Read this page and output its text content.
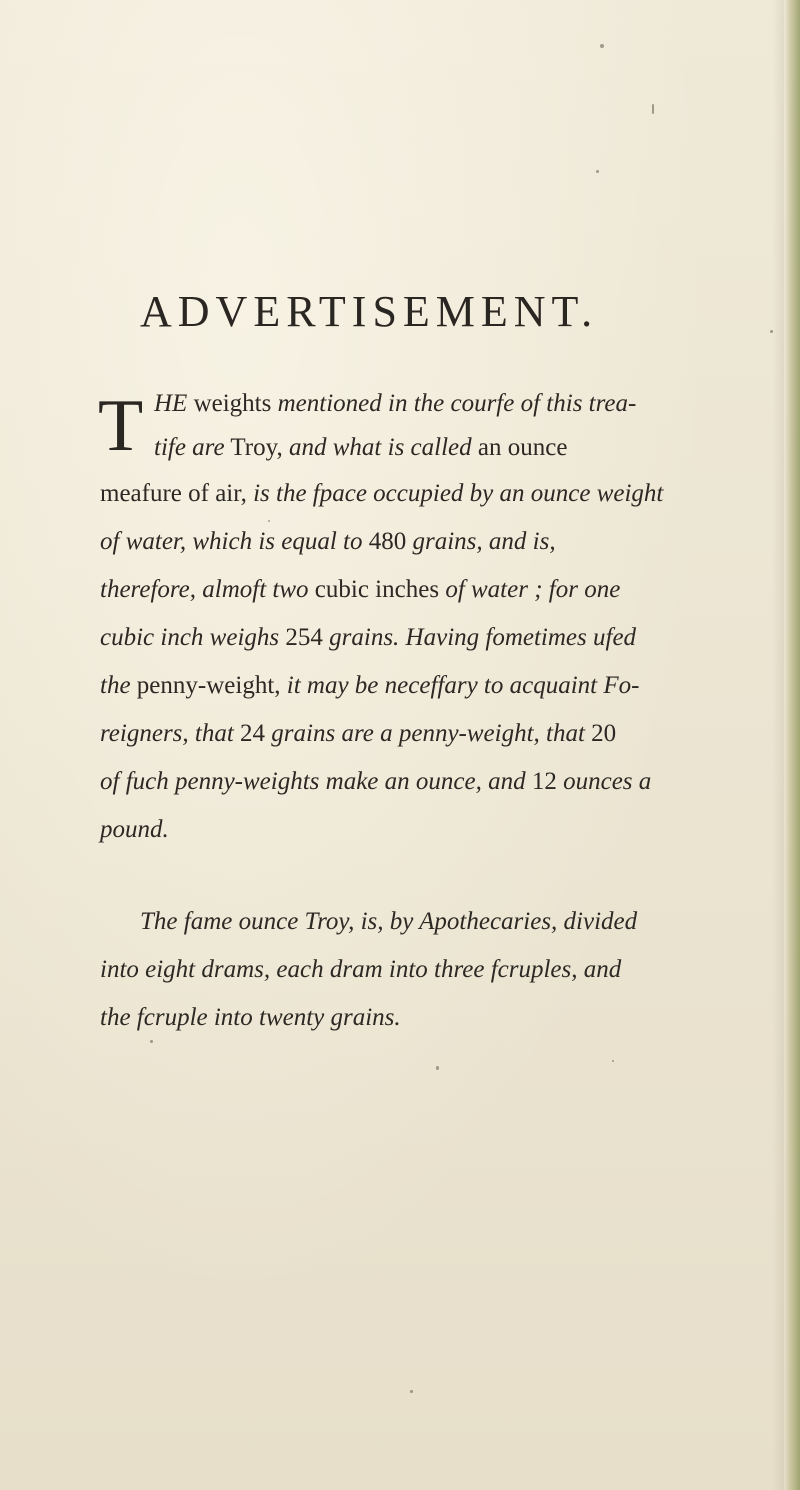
ADVERTISEMENT.
T HE weights mentioned in the courfe of this trea-
tife are Troy, and what is called an ounce
meafure of air, is the fpace occupied by an ounce weight
of water, which is equal to 480 grains, and is,
therefore, almoft two cubic inches of water ; for one
cubic inch weighs 254 grains. Having fometimes ufed
the penny-weight, it may be neceffary to acquaint Fo-
reigners, that 24 grains are a penny-weight, that 20
of fuch penny-weights make an ounce, and 12 ounces a
pound.
The fame ounce Troy, is, by Apothecaries, divided
into eight drams, each dram into three fcruples, and
the fcruple into twenty grains.
